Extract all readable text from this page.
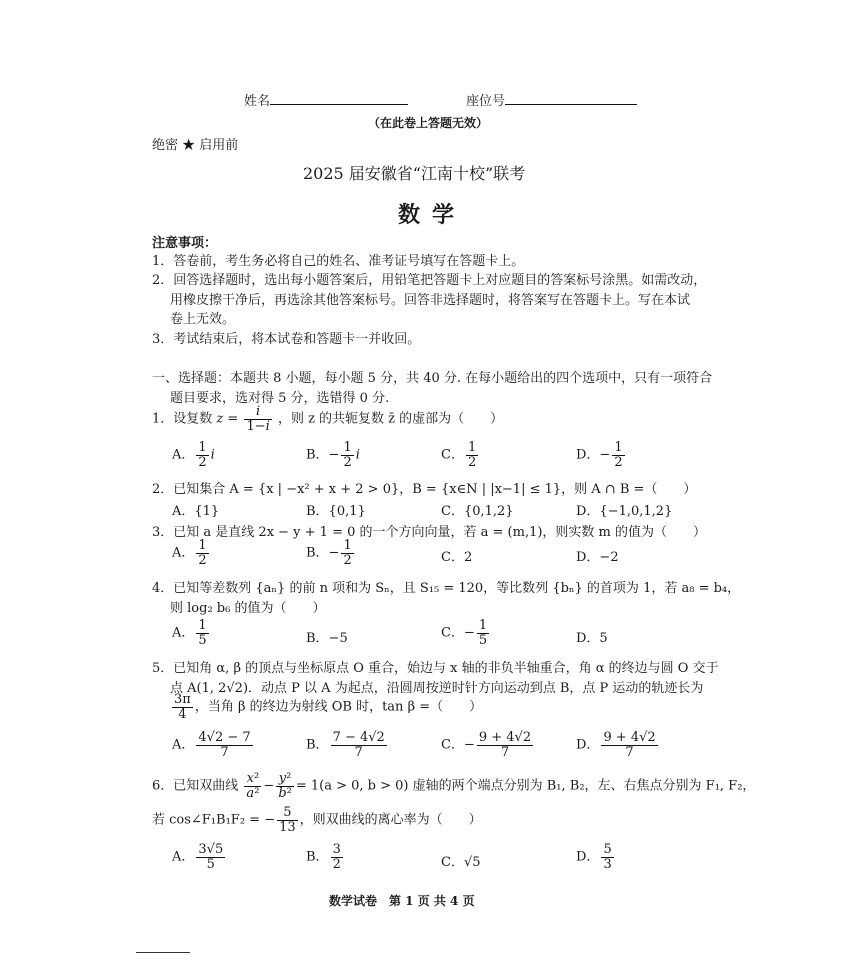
姓名	座位号
（在此卷上答题无效）
绝密 ★ 启用前
2025 届安徽省“江南十校”联考
数学
注意事项：
1．答卷前，考生务必将自己的姓名、准考证号填写在答题卡上。
2．回答选择题时，选出每小题答案后，用铅笔把答题卡上对应题目的答案标号涂黑。如需改动，
用橡皮擦干净后，再选涂其他答案标号。回答非选择题时，将答案写在答题卡上。写在本试
卷上无效。
3．考试结束后，将本试卷和答题卡一并收回。
一、选择题：本题共 8 小题，每小题 5 分，共 40 分. 在每小题给出的四个选项中，只有一项符合
题目要求，选对得 5 分，选错得 0 分.
1．设复数 $z = \frac{i}{1-i}$ ，则 z 的共轭复数 z̄ 的虚部为（　　）
A． $\frac{1}{2}$ i	B．− $\frac{1}{2}$ i	C． $\frac{1}{2}$	D．− $\frac{1}{2}$
2．已知集合 A = {x | −x² + x + 2 > 0}，B = {x∈N | |x−1| ≤ 1}，则 A ∩ B =（　　）
A．{1}	B．{0,1}	C．{0,1,2}	D．{−1,0,1,2}
3．已知 a 是直线 2x − y + 1 = 0 的一个方向向量，若 a = (m,1)，则实数 m 的值为（　　）
A． $\frac{1}{2}$	B．− $\frac{1}{2}$	C．2	D．−2
4．已知等差数列 {aₙ} 的前 n 项和为 Sₙ，且 S₁₅ = 120，等比数列 {bₙ} 的首项为 1，若 a₈ = b₄，
则 log₂ b₆ 的值为（　　）
A． $\frac{1}{5}$	B．−5	C．− $\frac{1}{5}$	D．5
5．已知角 α, β 的顶点与坐标原点 O 重合，始边与 x 轴的非负半轴重合，角 α 的终边与圆 O 交于
点 A(1, 2√2)．动点 P 以 A 为起点，沿圆周按逆时针方向运动到点 B，点 P 运动的轨迹长为
$\frac{3\pi}{4}$ ，当角 β 的终边为射线 OB 时，tan β =（　　）
A． $\frac{4√2 - 7}{7}$	B． $\frac{7 - 4√2}{7}$	C．− $\frac{9 + 4√2}{7}$	D． $\frac{9 + 4√2}{7}$
6．已知双曲线 $\frac{\text{x²}}{\text{a²}} - \frac{\text{y²}}{\text{b²}} = 1(a > 0$, b > 0) 虚轴的两个端点分别为 B₁, B₂，左、右焦点分别为 F₁, F₂，
若 cos∠F₁B₁F₂ = − $\frac{5}{13}$ ，则双曲线的离心率为（　　）
A． $\frac{3√5}{5}$	B． $\frac{3}{2}$	C．√5	D． $\frac{5}{3}$
数学试卷　第 1 页 共 4 页
